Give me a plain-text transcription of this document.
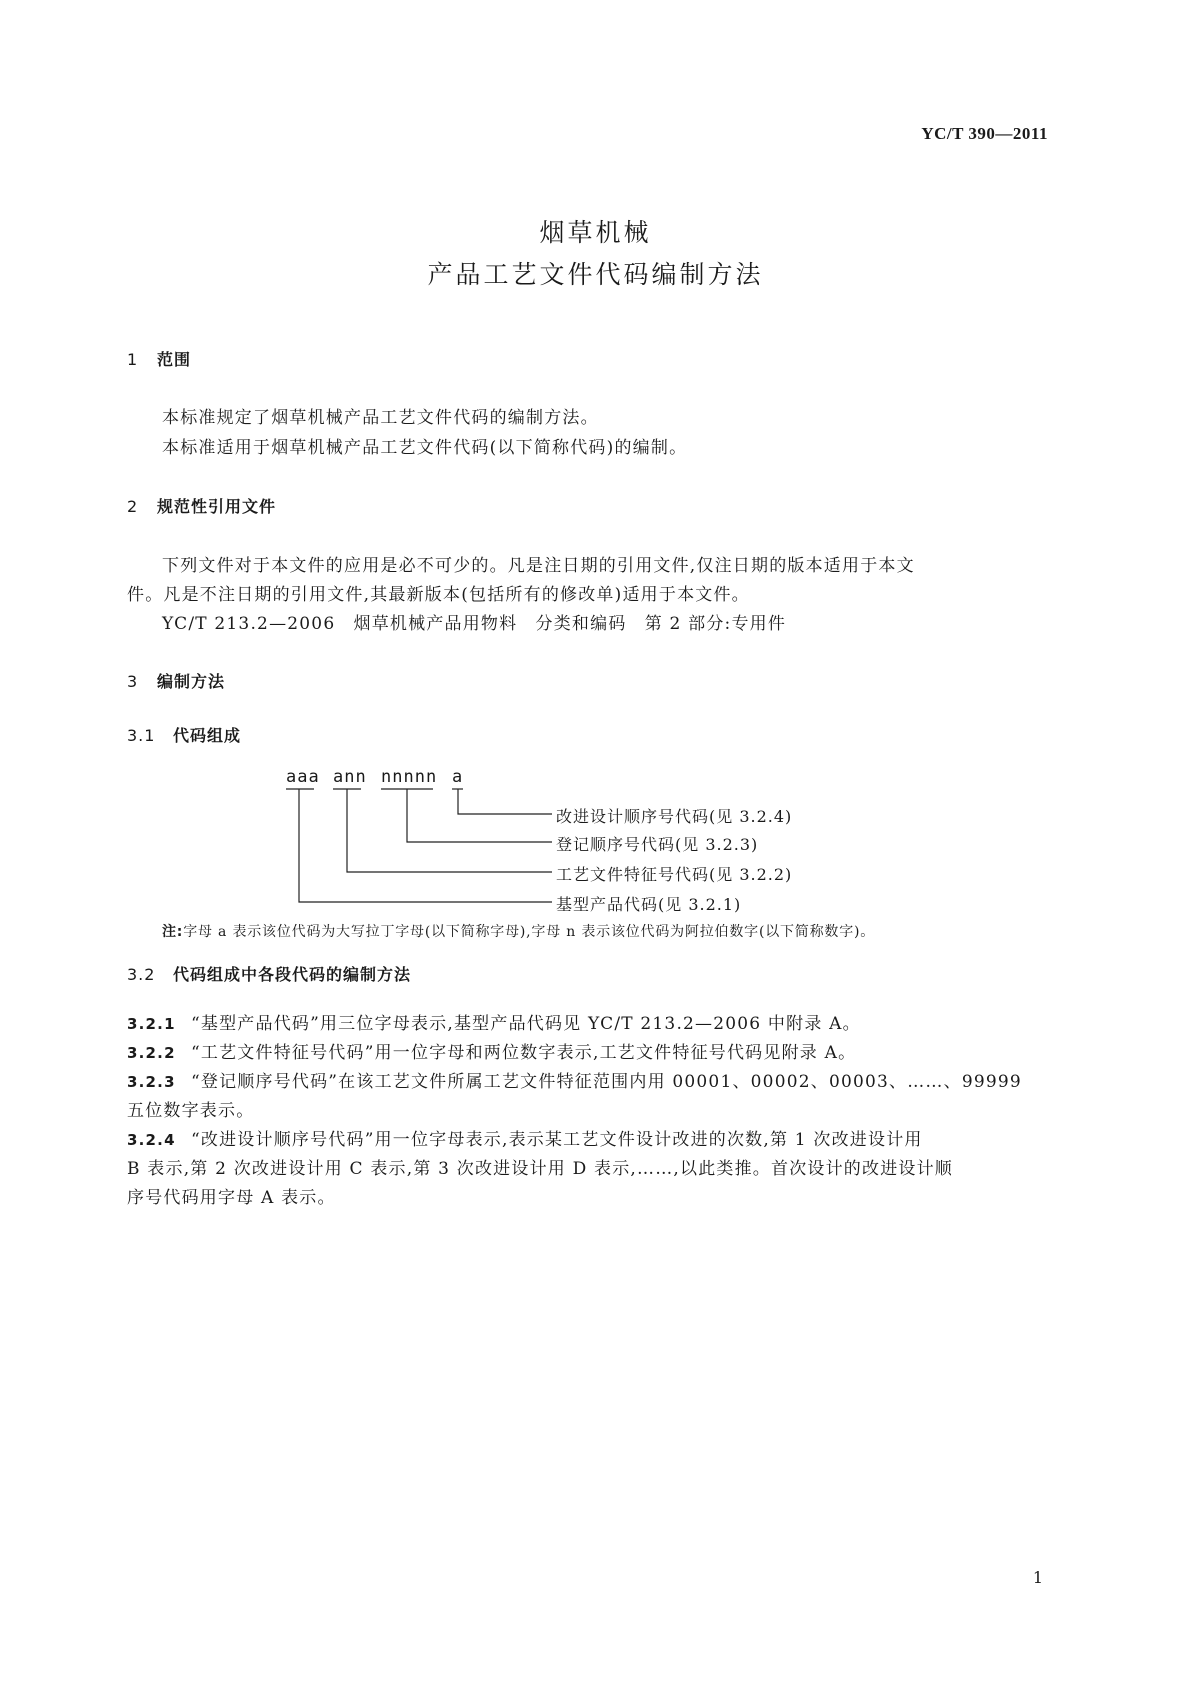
YC/T 390—2011
烟草机械
产品工艺文件代码编制方法
1 范围
本标准规定了烟草机械产品工艺文件代码的编制方法。
本标准适用于烟草机械产品工艺文件代码(以下简称代码)的编制。
2 规范性引用文件
下列文件对于本文件的应用是必不可少的。凡是注日期的引用文件,仅注日期的版本适用于本文
件。凡是不注日期的引用文件,其最新版本(包括所有的修改单)适用于本文件。
YC/T 213.2—2006　烟草机械产品用物料　分类和编码　第 2 部分:专用件
3 编制方法
3.1 代码组成
aaa ann nnnnn a
改进设计顺序号代码(见 3.2.4)
登记顺序号代码(见 3.2.3)
工艺文件特征号代码(见 3.2.2)
基型产品代码(见 3.2.1)
注:字母 a 表示该位代码为大写拉丁字母(以下简称字母),字母 n 表示该位代码为阿拉伯数字(以下简称数字)。
3.2 代码组成中各段代码的编制方法
3.2.1 “基型产品代码”用三位字母表示,基型产品代码见 YC/T 213.2—2006 中附录 A。
3.2.2 “工艺文件特征号代码”用一位字母和两位数字表示,工艺文件特征号代码见附录 A。
3.2.3 “登记顺序号代码”在该工艺文件所属工艺文件特征范围内用 00001、00002、00003、……、99999
五位数字表示。
3.2.4 “改进设计顺序号代码”用一位字母表示,表示某工艺文件设计改进的次数,第 1 次改进设计用
B 表示,第 2 次改进设计用 C 表示,第 3 次改进设计用 D 表示,……,以此类推。首次设计的改进设计顺
序号代码用字母 A 表示。
1
